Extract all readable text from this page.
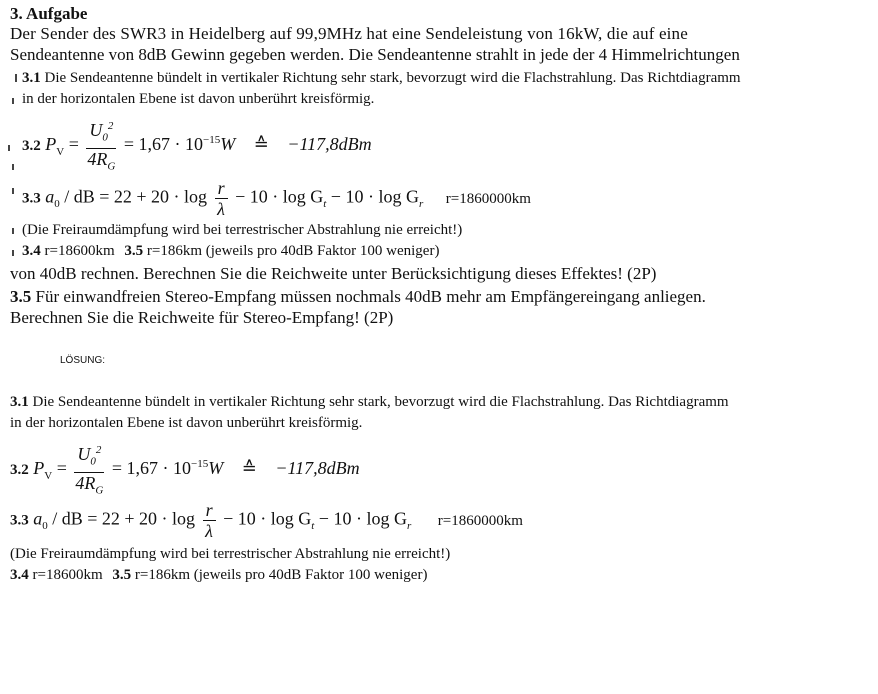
3. Aufgabe
Der Sender des SWR3 in Heidelberg auf 99,9MHz hat eine Sendeleistung von 16kW, die auf eine
Sendeantenne von 8dB Gewinn gegeben werden. Die Sendeantenne strahlt in jede der 4 Himmelrichtungen
3.1 Die Sendeantenne bündelt in vertikaler Richtung sehr stark, bevorzugt wird die Flachstrahlung. Das Richtdiagramm
in der horizontalen Ebene ist davon unberührt kreisförmig.
3.2 $P_V = \frac{U_0^2}{4R_G} = 1,67 \cdot 10^{-15}W$ ≙ −117,8dBm
3.3 $a_0$ / dB = $22 + 20 \cdot \log \frac{r}{\lambda} - 10 \cdot \log G_t - 10 \cdot \log G_r$ r=1860000km
(Die Freiraumdämpfung wird bei terrestrischer Abstrahlung nie erreicht!)
3.4 r=18600km 3.5 r=186km (jeweils pro 40dB Faktor 100 weniger)
von 40dB rechnen. Berechnen Sie die Reichweite unter Berücksichtigung dieses Effektes! (2P)
3.5 Für einwandfreien Stereo-Empfang müssen nochmals 40dB mehr am Empfängereingang anliegen.
Berechnen Sie die Reichweite für Stereo-Empfang! (2P)
LÖSUNG:
3.1 Die Sendeantenne bündelt in vertikaler Richtung sehr stark, bevorzugt wird die Flachstrahlung. Das Richtdiagramm
in der horizontalen Ebene ist davon unberührt kreisförmig.
3.2 $P_V = \frac{U_0^2}{4R_G} = 1,67 \cdot 10^{-15}W$ ≙ −117,8dBm
3.3 $a_0$ / dB = $22 + 20 \cdot \log \frac{r}{\lambda} - 10 \cdot \log G_t - 10 \cdot \log G_r$ r=1860000km
(Die Freiraumdämpfung wird bei terrestrischer Abstrahlung nie erreicht!)
3.4 r=18600km 3.5 r=186km (jeweils pro 40dB Faktor 100 weniger)
